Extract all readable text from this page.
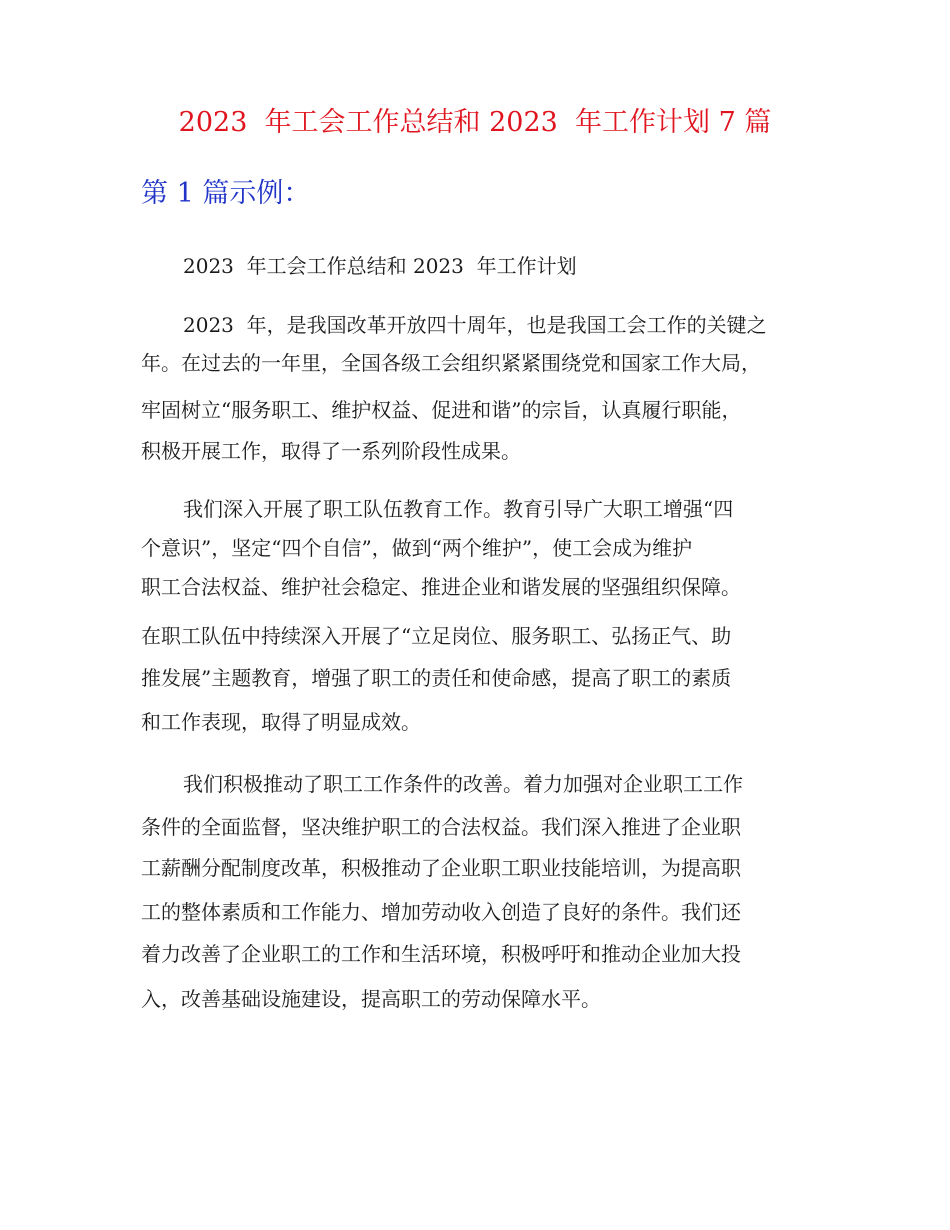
2023  年工会工作总结和 2023  年工作计划 7 篇
第 1 篇示例：

2023  年工会工作总结和 2023  年工作计划

2023  年，是我国改革开放四十周年，也是我国工会工作的关键之

年。在过去的一年里，全国各级工会组织紧紧围绕党和国家工作大局，

牢固树立“服务职工、维护权益、促进和谐”的宗旨，认真履行职能，

积极开展工作，取得了一系列阶段性成果。

我们深入开展了职工队伍教育工作。教育引导广大职工增强“四

个意识”，坚定“四个自信”，做到“两个维护”，使工会成为维护

职工合法权益、维护社会稳定、推进企业和谐发展的坚强组织保障。

在职工队伍中持续深入开展了“立足岗位、服务职工、弘扬正气、助

推发展”主题教育，增强了职工的责任和使命感，提高了职工的素质

和工作表现，取得了明显成效。

我们积极推动了职工工作条件的改善。着力加强对企业职工工作

条件的全面监督，坚决维护职工的合法权益。我们深入推进了企业职

工薪酬分配制度改革，积极推动了企业职工职业技能培训，为提高职

工的整体素质和工作能力、增加劳动收入创造了良好的条件。我们还

着力改善了企业职工的工作和生活环境，积极呼吁和推动企业加大投

入，改善基础设施建设，提高职工的劳动保障水平。
